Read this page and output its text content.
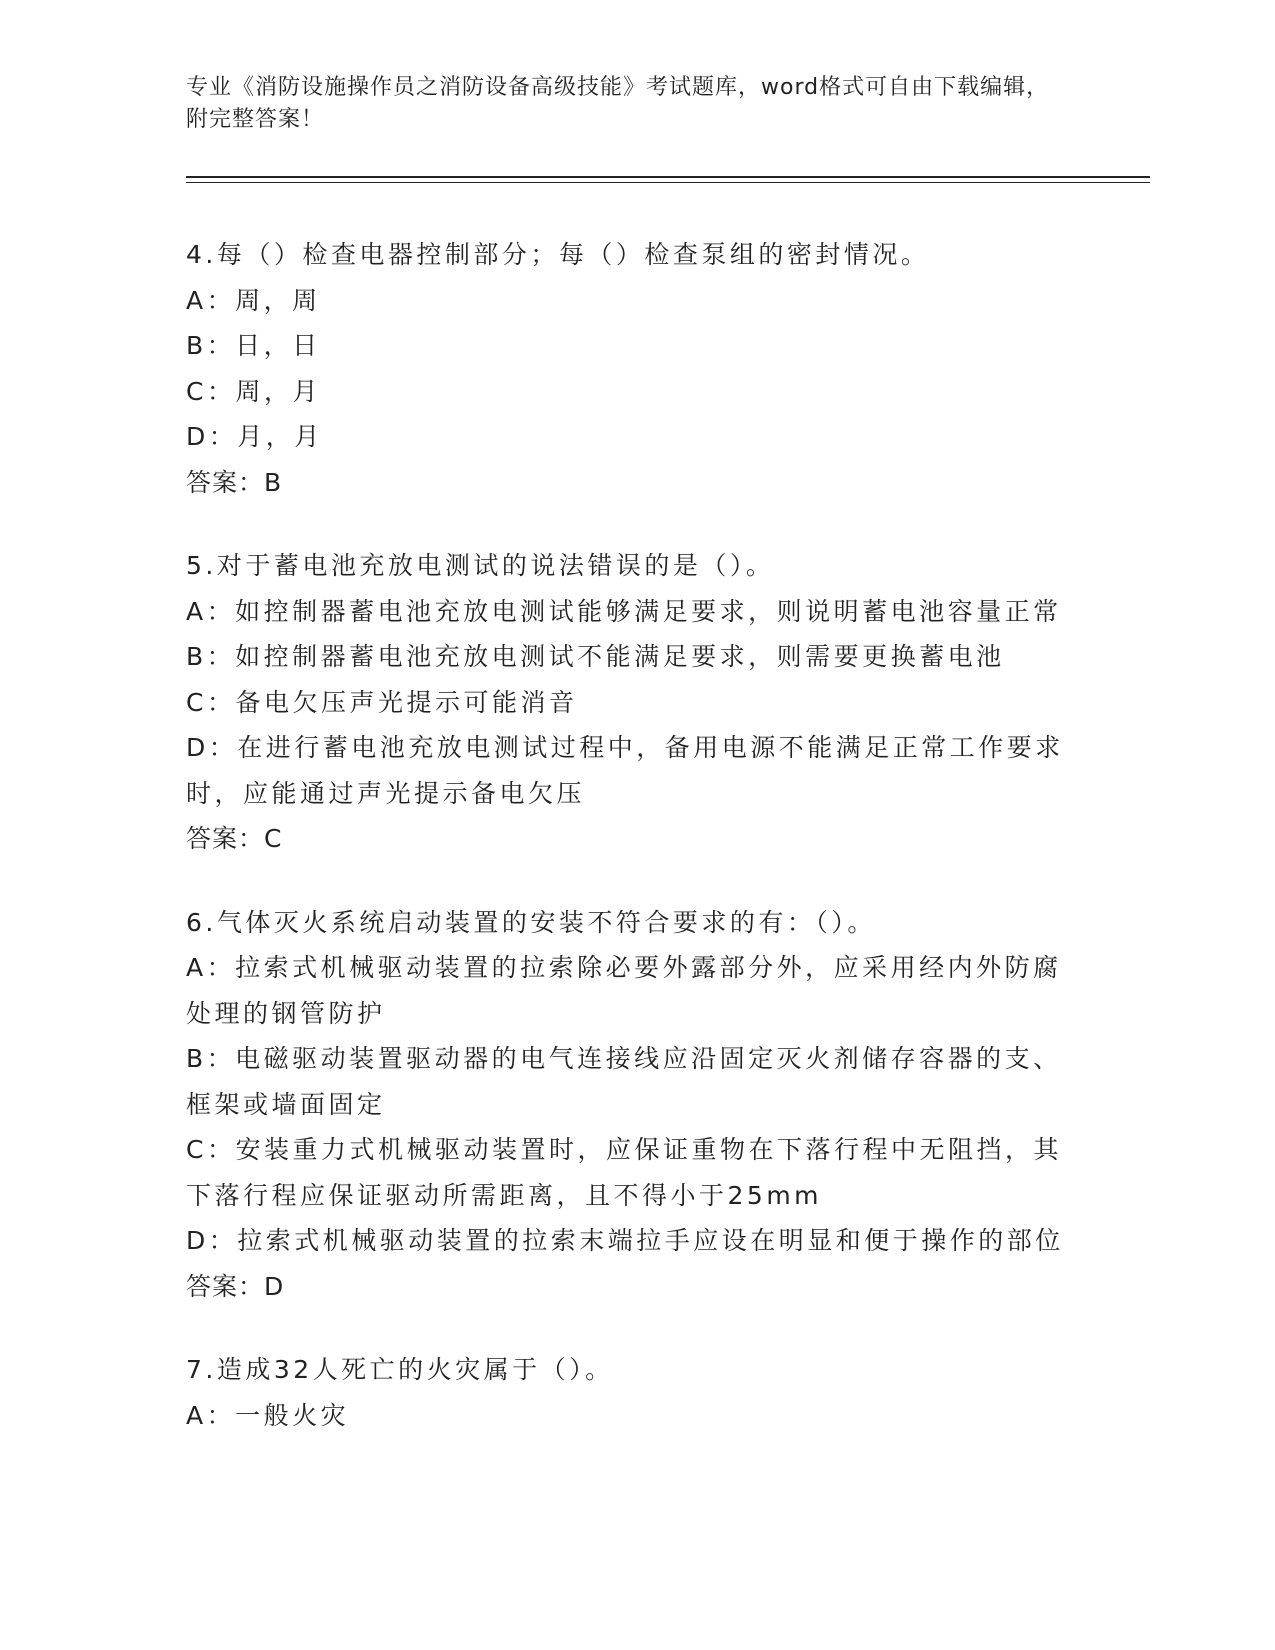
专业《消防设施操作员之消防设备高级技能》考试题库，word格式可自由下载编辑，附完整答案！
4.每（）检查电器控制部分；每（）检查泵组的密封情况。
A：周，周
B：日，日
C：周，月
D：月，月
答案：B
5.对于蓄电池充放电测试的说法错误的是（）。
A：如控制器蓄电池充放电测试能够满足要求，则说明蓄电池容量正常
B：如控制器蓄电池充放电测试不能满足要求，则需要更换蓄电池
C：备电欠压声光提示可能消音
D：在进行蓄电池充放电测试过程中，备用电源不能满足正常工作要求时，应能通过声光提示备电欠压
答案：C
6.气体灭火系统启动装置的安装不符合要求的有：（）。
A：拉索式机械驱动装置的拉索除必要外露部分外，应采用经内外防腐处理的钢管防护
B：电磁驱动装置驱动器的电气连接线应沿固定灭火剂储存容器的支、框架或墙面固定
C：安装重力式机械驱动装置时，应保证重物在下落行程中无阻挡，其下落行程应保证驱动所需距离，且不得小于25mm
D：拉索式机械驱动装置的拉索末端拉手应设在明显和便于操作的部位
答案：D
7.造成32人死亡的火灾属于（）。
A：一般火灾
